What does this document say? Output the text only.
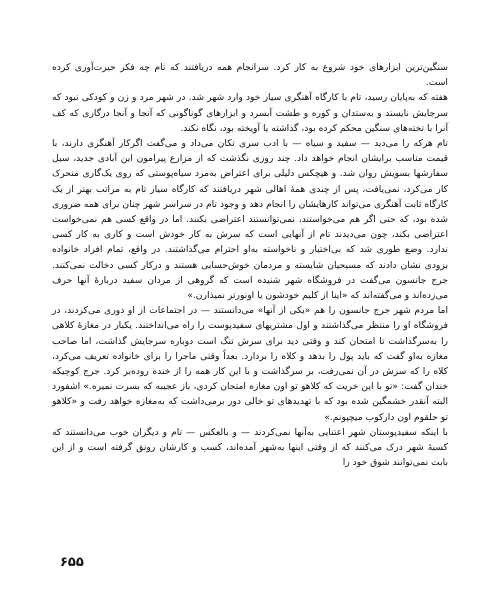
سنگین‌ترین ابزارهای خود شروع به کار کرد. سرانجام همه دریافتند که تام چه فکر حیرت‌آوری کرده است.

هفته که به‌پایان رسید، تام با کارگاه آهنگری سیار خود وارد شهر شد. در شهر مرد و زن و کودکی نبود که سرجایش نایستد و به‌ستدان و کوره و طشت آبسرد و ابزارهای گوناگونی که آنجا و آنجا درگاری که کف آنرا با تخته‌های سنگین محکم کرده بود، گذاشته یا آویخته بود، نگاه نکند.

تام هرکه را می‌دید — سفید و سیاه — با ادب سری تکان می‌داد و می‌گفت اگرکار آهنگری دارند، با قیمت مناسب برایشان انجام خواهد داد. چند روزی نگذشت که از مزارع پیرامون این آبادی جدید، سیل سفارشها بسویش روان شد. و هیچکس دلیلی برای اعتراض به‌مرد سیاه‌پوستی که روی یک‌گاری متحرک کار می‌کرد، نمی‌یافت، پس از چندی همهٔ اهالی شهر دریافتند که کارگاه سیار تام به مراتب بهتر از یک کارگاه ثابت آهنگری می‌تواند کارهایشان را انجام دهد و وجود تام در سراسر شهر چنان برای همه ضروری شده بود، که حتی اگر هم می‌خواستند، نمی‌توانستند اعتراضی بکنند. اما در واقع کسی هم نمی‌خواست اعتراضی بکند، چون می‌دیدند تام از آنهایی است که سرش به کار خودش است و کاری به کار کسی ندارد. وضع طوری شد که بی‌اختیار و ناخواسته به‌او احترام می‌گذاشتند. در واقع، تمام افراد خانواده بزودی نشان دادند که مسیحیان شایسته و مردمان خوش‌حسابی هستند و درکار کسی دخالت نمی‌کنند. جرج جانسون می‌گفت در فروشگاه شهر شنیده است که گروهی از مردان سفید دربارهٔ آنها حرف می‌زده‌اند و می‌گفته‌اند که «اینا از کلیم خودشون یا اونورتر نمیذارن.»

اما مردم شهر جرج جانسون را هم «یکی از آنها» می‌دانستند — در اجتماعات از او دوری می‌کردند، در فروشگاه او را منتظر می‌گذاشتند و اول مشتریهای سفیدپوست را راه می‌انداختند. یکبار در مغازهٔ کلاهی را به‌سرگذاشت تا امتحان کند و وقتی دید برای سرش تنگ است دوباره سرجایش گذاشت، اما صاحب مغازه به‌او گفت که باید پول را بدهد و کلاه را بردارد. بعداً وقتی ماجرا را برای خانواده تعریف می‌کرد، کلاه را که سرش در آن نمی‌رفت، بر سرگذاشت و با این کار همه را از خنده روده‌بر کرد. جرج کوچیکه خندان گفت: «تو با این خریت که کلاهو تو اون مغازه امتحان کردی، باز عجیبه که بسرت نمیره.» اشفورد البته آنقدر خشمگین شده بود که با تهدیدهای تو خالی دور برمی‌داشت که به‌مغازه خواهد رفت و «کلاهو تو حلقوم اون دارکوب میچپونم.»

با اینکه سفیدپوستان شهر اعتنایی به‌آنها نمی‌کردند — و بالعکس — تام و دیگران خوب می‌دانستند که کسبهٔ شهر درک می‌کنند که از وقتی اینها به‌شهر آمده‌اند، کسب و کارشان رونق گرفته است و از این بابت نمی‌توانند شوق خود را

۶۵۵
